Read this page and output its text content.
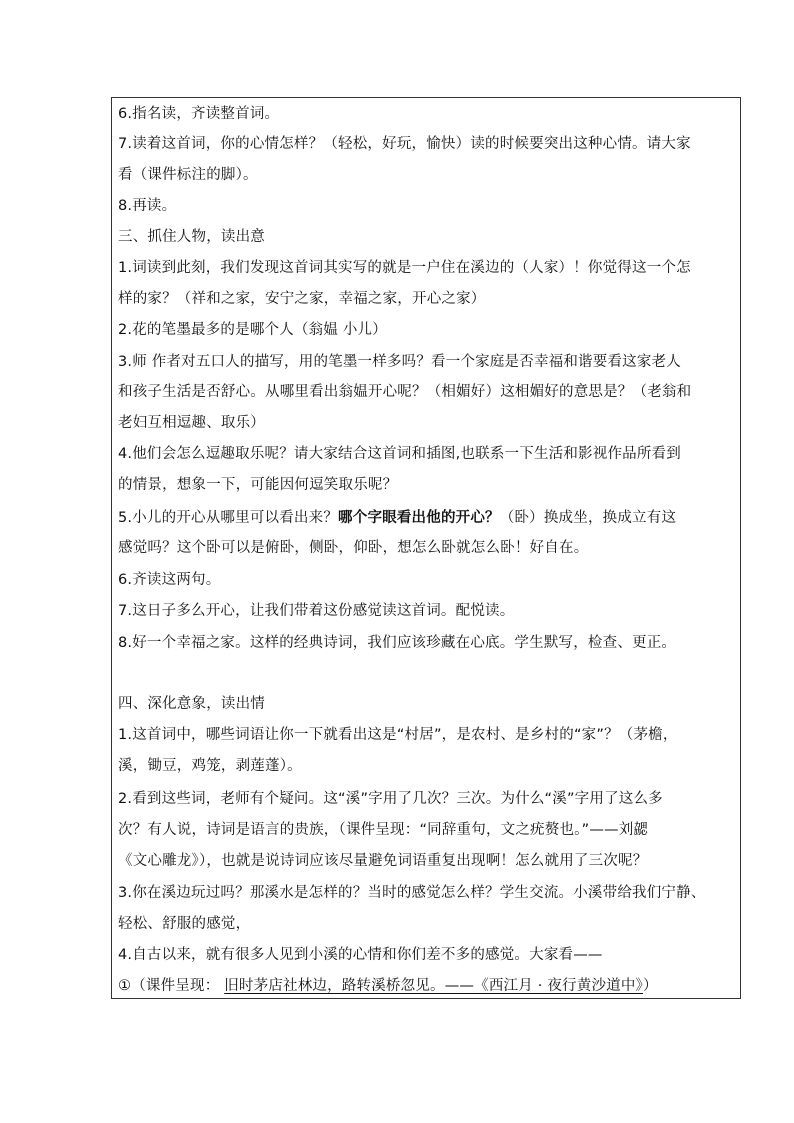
6.指名读，齐读整首词。
7.读着这首词，你的心情怎样？（轻松，好玩，愉快）读的时候要突出这种心情。请大家
看（课件标注的脚）。
8.再读。
三、抓住人物，读出意
1.词读到此刻，我们发现这首词其实写的就是一户住在溪边的（人家）！你觉得这一个怎
样的家？（祥和之家，安宁之家，幸福之家，开心之家）
2.花的笔墨最多的是哪个人（翁媪 小儿）
3.师 作者对五口人的描写，用的笔墨一样多吗？看一个家庭是否幸福和谐要看这家老人
和孩子生活是否舒心。从哪里看出翁媪开心呢？（相媚好）这相媚好的意思是？（老翁和
老妇互相逗趣、取乐）
4.他们会怎么逗趣取乐呢？请大家结合这首词和插图,也联系一下生活和影视作品所看到
的情景，想象一下，可能因何逗笑取乐呢？
5.小儿的开心从哪里可以看出来？哪个字眼看出他的开心？（卧）换成坐，换成立有这
感觉吗？这个卧可以是俯卧，侧卧，仰卧，想怎么卧就怎么卧！好自在。
6.齐读这两句。
7.这日子多么开心，让我们带着这份感觉读这首词。配悦读。
8.好一个幸福之家。这样的经典诗词，我们应该珍藏在心底。学生默写，检查、更正。
四、深化意象，读出情
1.这首词中，哪些词语让你一下就看出这是“村居”，是农村、是乡村的“家”？（茅檐，
溪，锄豆，鸡笼，剥莲蓬）。
2.看到这些词，老师有个疑问。这“溪”字用了几次？三次。为什么“溪”字用了这么多
次？有人说，诗词是语言的贵族，（课件呈现：“同辞重句，文之疣赘也。”——刘勰
《文心雕龙》），也就是说诗词应该尽量避免词语重复出现啊！怎么就用了三次呢？
3.你在溪边玩过吗？那溪水是怎样的？当时的感觉怎么样？学生交流。小溪带给我们宁静、
轻松、舒服的感觉，
4.自古以来，就有很多人见到小溪的心情和你们差不多的感觉。大家看——
①（课件呈现： 旧时茅店社林边，路转溪桥忽见。——《西江月 · 夜行黄沙道中》）
